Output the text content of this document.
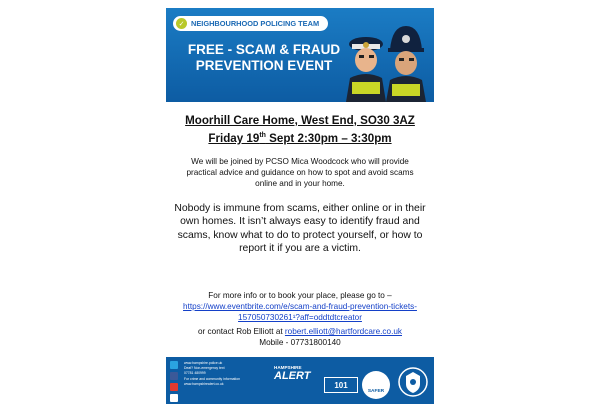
✓ NEIGHBOURHOOD POLICING TEAM
FREE - SCAM & FRAUD
PREVENTION EVENT
Moorhill Care Home, West End, SO30 3AZ
Friday 19th Sept 2:30pm – 3:30pm
We will be joined by PCSO Mica Woodcock who will provide practical advice and guidance on how to spot and avoid scams online and in your home.
Nobody is immune from scams, either online or in their own homes. It isn’t always easy to identify fraud and scams, know what to do to protect yourself, or how to report it if you are a victim.
For more info or to book your place, please go to –
https://www.eventbrite.com/e/scam-and-fraud-prevention-tickets-157050730261¹?aff=oddtdtcreator
or contact Rob Elliott at robert.elliott@hartfordcare.co.uk
Mobile - 07731800140
www.hampshire.police.uk
Deaf? Non-emergency text
07781 480999
For crime and community information
www.hampshirealert.co.uk
HAMPSHIRE
ALERT
101
SAFER
